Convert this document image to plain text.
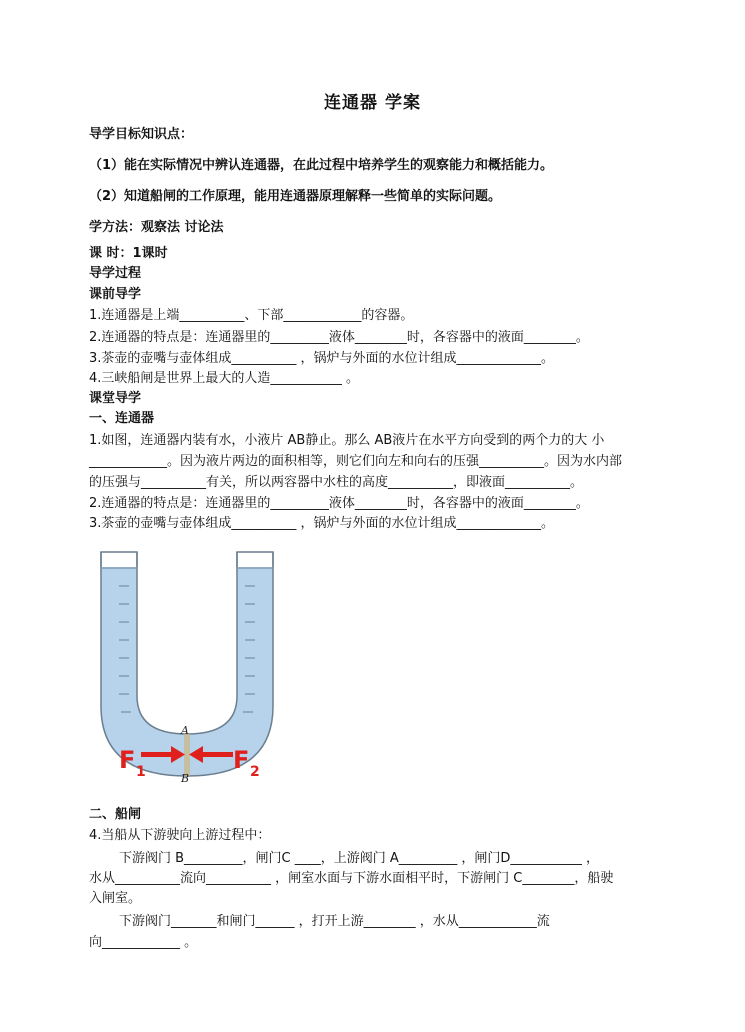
连通器 学案
导学目标知识点：
（1）能在实际情况中辨认连通器，在此过程中培养学生的观察能力和概括能力。
（2）知道船闸的工作原理，能用连通器原理解释一些简单的实际问题。
学方法：观察法 讨论法
课 时：1课时
导学过程
课前导学
1.连通器是上端__________、下部____________的容器。
2.连通器的特点是：连通器里的_________液体________时，各容器中的液面________。
3.茶壶的壶嘴与壶体组成__________ ，锅炉与外面的水位计组成_____________。
4.三峡船闸是世界上最大的人造___________ 。
课堂导学
一、连通器
1.如图，连通器内装有水，小液片 AB静止。那么 AB液片在水平方向受到的两个力的大 小
____________。因为液片两边的面积相等，则它们向左和向右的压强__________。因为水内部
的压强与__________有关，所以两容器中水柱的高度__________，即液面__________。
2.连通器的特点是：连通器里的_________液体________时，各容器中的液面________。
3.茶壶的壶嘴与壶体组成__________ ，锅炉与外面的水位计组成_____________。
A
B
F 1	F 2
二、船闸
4.当船从下游驶向上游过程中：
下游阀门 B_________，闸门C ____，上游阀门 A_________ ，闸门D___________ ，
水从__________流向__________ ，闸室水面与下游水面相平时，下游闸门 C________，船驶
入闸室。
下游阀门_______和闸门______ ，打开上游________ ，水从____________流
向____________ 。
